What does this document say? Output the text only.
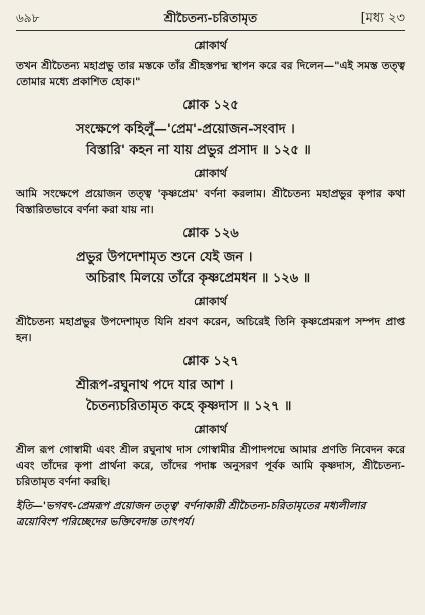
৬৯৮	শ্রীচৈতন্য-চরিতামৃত	[মধ্য ২৩
শ্লোকার্থ

তখন শ্রীচৈতন্য মহাপ্রভু তার মস্তকে তাঁর শ্রীহস্তপদ্ম স্থাপন করে বর দিলেন—"এই সমস্ত তত্ত্ব তোমার মধ্যে প্রকাশিত হোক।"

শ্লোক ১২৫
সংক্ষেপে কহিলুঁ—'প্রেম'-প্রয়োজন-সংবাদ ।
বিস্তারি' কহন না যায় প্রভুর প্রসাদ ॥ ১২৫ ॥
শ্লোকার্থ

আমি সংক্ষেপে প্রয়োজন তত্ত্ব 'কৃষ্ণপ্রেম' বর্ণনা করলাম। শ্রীচৈতন্য মহাপ্রভুর কৃপার কথা বিস্তারিতভাবে বর্ণনা করা যায় না।

শ্লোক ১২৬
প্রভুর উপদেশামৃত শুনে যেই জন ।
অচিরাৎ মিলয়ে তাঁরে কৃষ্ণপ্রেমধন ॥ ১২৬ ॥
শ্লোকার্থ

শ্রীচৈতন্য মহাপ্রভুর উপদেশামৃত যিনি শ্রবণ করেন, অচিরেই তিনি কৃষ্ণপ্রেমরূপ সম্পদ প্রাপ্ত হন।

শ্লোক ১২৭
শ্রীরূপ-রঘুনাথ পদে যার আশ ।
চৈতন্যচরিতামৃত কহে কৃষ্ণদাস ॥ ১২৭ ॥
শ্লোকার্থ

শ্রীল রূপ গোস্বামী এবং শ্রীল রঘুনাথ দাস গোস্বামীর শ্রীপাদপদ্মে আমার প্রণতি নিবেদন করে এবং তাঁদের কৃপা প্রার্থনা করে, তাঁদের পদাঙ্ক অনুসরণ পূর্বক আমি কৃষ্ণদাস, শ্রীচৈতন্য-চরিতামৃত বর্ণনা করছি।

ইতি—'ভগবৎ-প্রেমরূপ প্রয়োজন তত্ত্ব' বর্ণনাকারী শ্রীচৈতন্য-চরিতামৃতের মধ্যলীলার ত্রয়োবিংশ পরিচ্ছেদের ভক্তিবেদান্ত তাৎপর্য।
